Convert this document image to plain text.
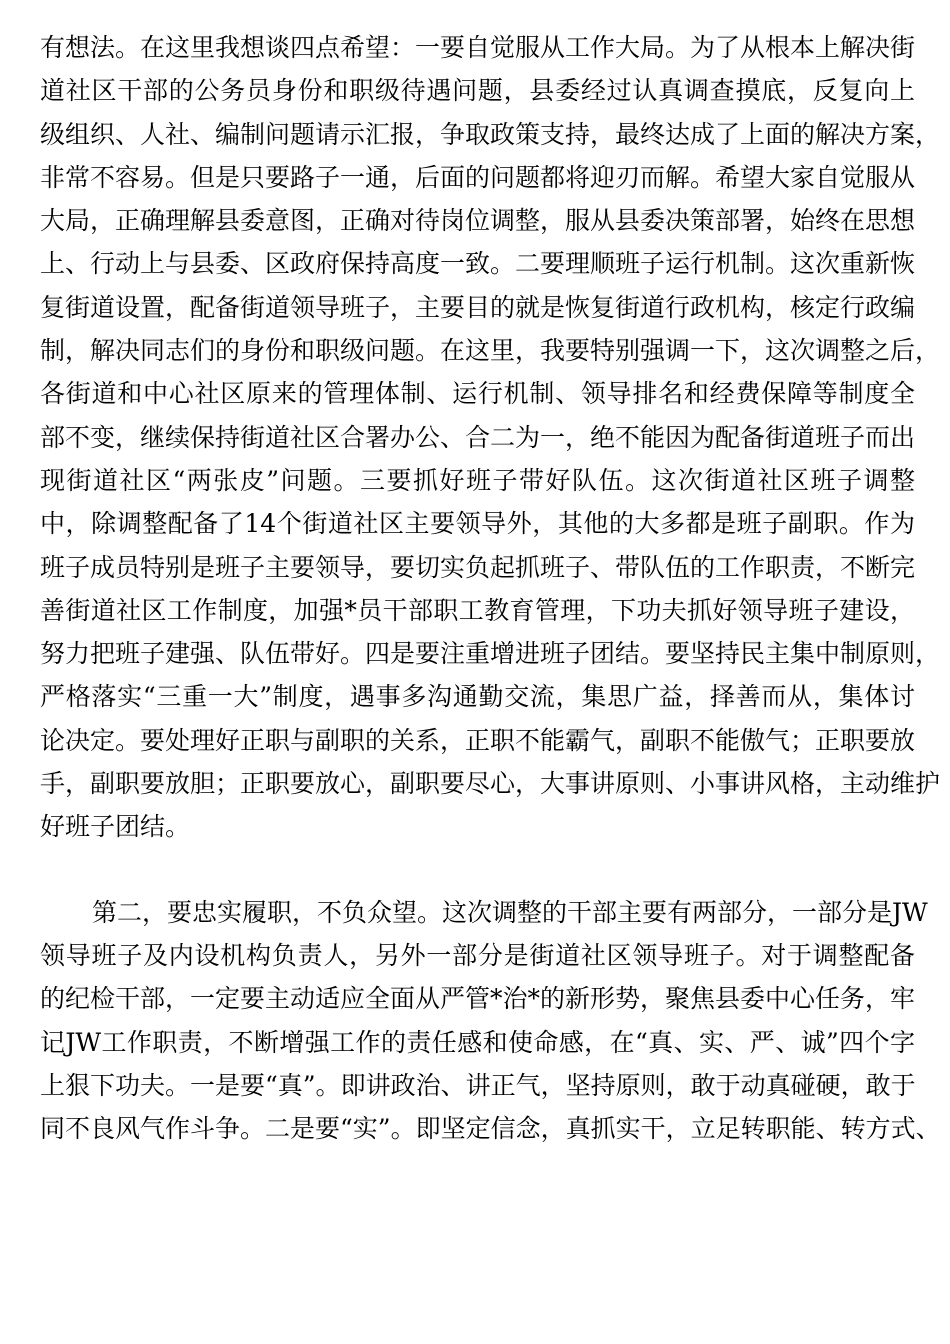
有想法。在这里我想谈四点希望：一要自觉服从工作大局。为了从根本上解决街
道社区干部的公务员身份和职级待遇问题，县委经过认真调查摸底，反复向上
级组织、人社、编制问题请示汇报，争取政策支持，最终达成了上面的解决方案，
非常不容易。但是只要路子一通，后面的问题都将迎刃而解。希望大家自觉服从
大局，正确理解县委意图，正确对待岗位调整，服从县委决策部署，始终在思想
上、行动上与县委、区政府保持高度一致。二要理顺班子运行机制。这次重新恢
复街道设置，配备街道领导班子，主要目的就是恢复街道行政机构，核定行政编
制，解决同志们的身份和职级问题。在这里，我要特别强调一下，这次调整之后，
各街道和中心社区原来的管理体制、运行机制、领导排名和经费保障等制度全
部不变，继续保持街道社区合署办公、合二为一，绝不能因为配备街道班子而出
现街道社区“两张皮”问题。三要抓好班子带好队伍。这次街道社区班子调整
中，除调整配备了14个街道社区主要领导外，其他的大多都是班子副职。作为
班子成员特别是班子主要领导，要切实负起抓班子、带队伍的工作职责，不断完
善街道社区工作制度，加强*员干部职工教育管理，下功夫抓好领导班子建设，
努力把班子建强、队伍带好。四是要注重增进班子团结。要坚持民主集中制原则，
严格落实“三重一大”制度，遇事多沟通勤交流，集思广益，择善而从，集体讨
论决定。要处理好正职与副职的关系，正职不能霸气，副职不能傲气；正职要放
手，副职要放胆；正职要放心，副职要尽心，大事讲原则、小事讲风格，主动维护
好班子团结。
第二，要忠实履职，不负众望。这次调整的干部主要有两部分，一部分是JW
领导班子及内设机构负责人，另外一部分是街道社区领导班子。对于调整配备
的纪检干部，一定要主动适应全面从严管*治*的新形势，聚焦县委中心任务，牢
记JW工作职责，不断增强工作的责任感和使命感，在“真、实、严、诚”四个字
上狠下功夫。一是要“真”。即讲政治、讲正气，坚持原则，敢于动真碰硬，敢于
同不良风气作斗争。二是要“实”。即坚定信念，真抓实干，立足转职能、转方式、
